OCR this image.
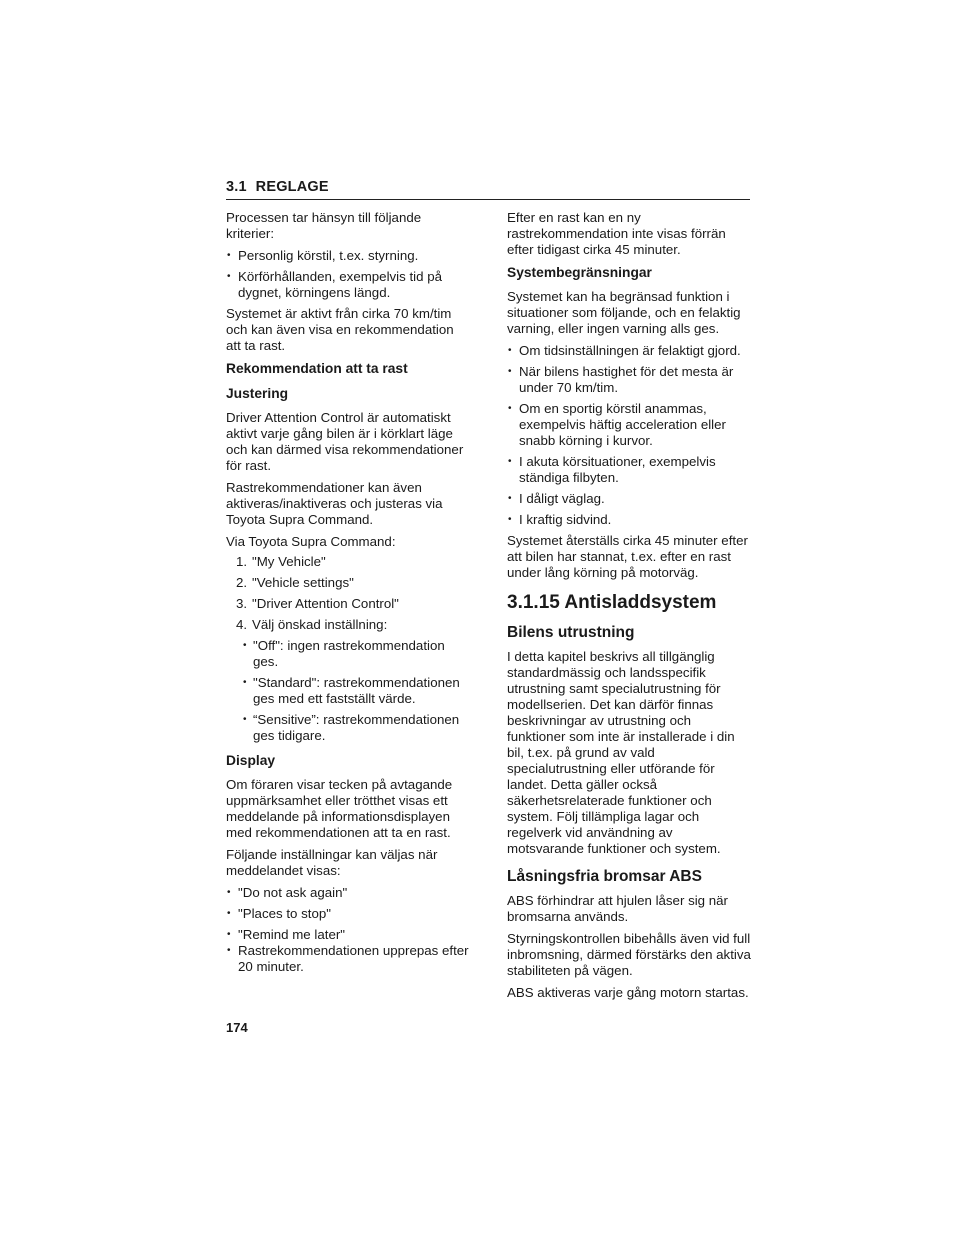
3.1 REGLAGE

Processen tar hänsyn till följande kriterier:

• Personlig körstil, t.ex. styrning.
• Körförhållanden, exempelvis tid på dygnet, körningens längd.

Systemet är aktivt från cirka 70 km/tim och kan även visa en rekommendation att ta rast.

Rekommendation att ta rast
Justering

Driver Attention Control är automatiskt aktivt varje gång bilen är i körklart läge och kan därmed visa rekommendationer för rast.

Rastrekommendationer kan även aktiveras/inaktiveras och justeras via Toyota Supra Command.

Via Toyota Supra Command:

1. "My Vehicle"
2. "Vehicle settings"
3. "Driver Attention Control"
4. Välj önskad inställning:
• "Off": ingen rastrekommendation ges.
• "Standard": rastrekommendationen ges med ett fastställt värde.
• “Sensitive”: rastrekommendationen ges tidigare.
Display

Om föraren visar tecken på avtagande uppmärksamhet eller trötthet visas ett meddelande på informationsdisplayen med rekommendationen att ta en rast.

Följande inställningar kan väljas när meddelandet visas:

• "Do not ask again"
• "Places to stop"
• "Remind me later"
• Rastrekommendationen upprepas efter 20 minuter.

Efter en rast kan en ny rastrekommendation inte visas förrän efter tidigast cirka 45 minuter.

Systembegränsningar

Systemet kan ha begränsad funktion i situationer som följande, och en felaktig varning, eller ingen varning alls ges.

• Om tidsinställningen är felaktigt gjord.
• När bilens hastighet för det mesta är under 70 km/tim.
• Om en sportig körstil anammas, exempelvis häftig acceleration eller snabb körning i kurvor.
• I akuta körsituationer, exempelvis ständiga filbyten.
• I dåligt väglag.
• I kraftig sidvind.

Systemet återställs cirka 45 minuter efter att bilen har stannat, t.ex. efter en rast under lång körning på motorväg.

3.1.15 Antisladdsystem
Bilens utrustning

I detta kapitel beskrivs all tillgänglig standardmässig och landsspecifik utrustning samt specialutrustning för modellserien. Det kan därför finnas beskrivningar av utrustning och funktioner som inte är installerade i din bil, t.ex. på grund av vald specialutrustning eller utförande för landet. Detta gäller också säkerhetsrelaterade funktioner och system. Följ tillämpliga lagar och regelverk vid användning av motsvarande funktioner och system.

Låsningsfria bromsar ABS

ABS förhindrar att hjulen låser sig när bromsarna används.

Styrningskontrollen bibehålls även vid full inbromsning, därmed förstärks den aktiva stabiliteten på vägen.

ABS aktiveras varje gång motorn startas.

174
